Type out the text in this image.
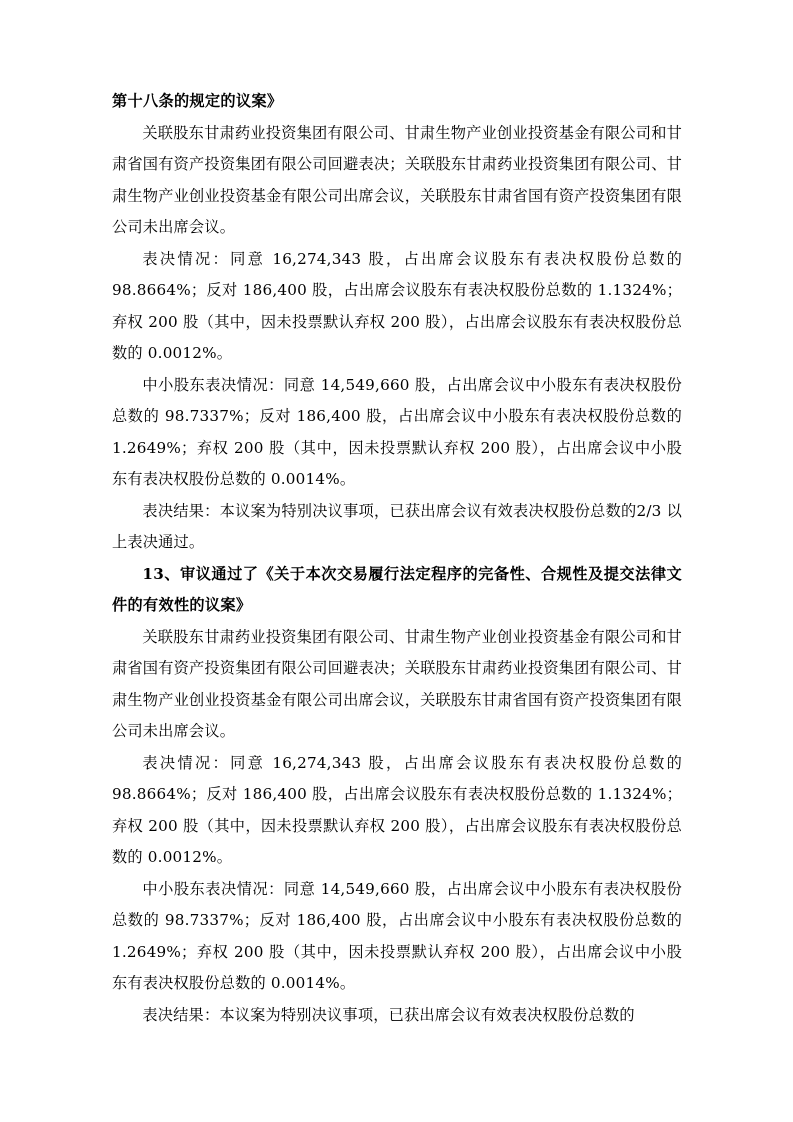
第十八条的规定的议案》

关联股东甘肃药业投资集团有限公司、甘肃生物产业创业投资基金有限公司和甘肃省国有资产投资集团有限公司回避表决；关联股东甘肃药业投资集团有限公司、甘肃生物产业创业投资基金有限公司出席会议，关联股东甘肃省国有资产投资集团有限公司未出席会议。

表决情况：同意 16,274,343 股，占出席会议股东有表决权股份总数的98.8664%；反对 186,400 股，占出席会议股东有表决权股份总数的 1.1324%；弃权 200 股（其中，因未投票默认弃权 200 股），占出席会议股东有表决权股份总数的 0.0012%。

中小股东表决情况：同意 14,549,660 股，占出席会议中小股东有表决权股份总数的 98.7337%；反对 186,400 股，占出席会议中小股东有表决权股份总数的 1.2649%；弃权 200 股（其中，因未投票默认弃权 200 股），占出席会议中小股东有表决权股份总数的 0.0014%。

表决结果：本议案为特别决议事项，已获出席会议有效表决权股份总数的2/3 以上表决通过。

13、审议通过了《关于本次交易履行法定程序的完备性、合规性及提交法律文件的有效性的议案》

关联股东甘肃药业投资集团有限公司、甘肃生物产业创业投资基金有限公司和甘肃省国有资产投资集团有限公司回避表决；关联股东甘肃药业投资集团有限公司、甘肃生物产业创业投资基金有限公司出席会议，关联股东甘肃省国有资产投资集团有限公司未出席会议。

表决情况：同意 16,274,343 股，占出席会议股东有表决权股份总数的98.8664%；反对 186,400 股，占出席会议股东有表决权股份总数的 1.1324%；弃权 200 股（其中，因未投票默认弃权 200 股），占出席会议股东有表决权股份总数的 0.0012%。

中小股东表决情况：同意 14,549,660 股，占出席会议中小股东有表决权股份总数的 98.7337%；反对 186,400 股，占出席会议中小股东有表决权股份总数的 1.2649%；弃权 200 股（其中，因未投票默认弃权 200 股），占出席会议中小股东有表决权股份总数的 0.0014%。

表决结果：本议案为特别决议事项，已获出席会议有效表决权股份总数的
